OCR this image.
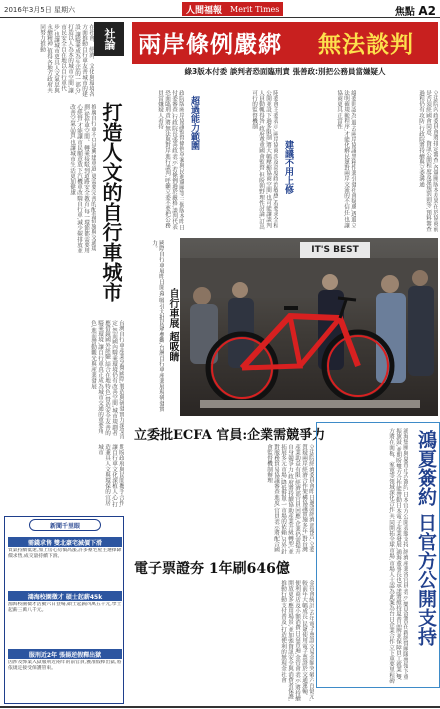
2016年3月5日 星期六	人間福報 Merit Times	焦點 A2
社論
打造人文的自行車城市
在社會、經濟、文化與環境各方面推動自行車友善城市的建設,讓騎乘成為生活的一部分,打造以人為本的城市空間,讓市民安全自在地以自行車代步,也讓城市更具人文氣息與永續精神,值得各地方政府共同努力推動
推廣自行車不只是興建車道,更需要完善的配套措施與交通規劃,從停車空間、轉乘接駁到道路安全教育,每一環節都需要用心經營,才能讓市民願意放下汽機車改騎自行車,減少碳排放並改善空氣品質,也讓城市生活更加健康
台灣自行車產業享譽國際,製造與研發實力深受肯定,然而國內騎乘環境仍有改善空間,城市規劃者應借鏡國外經驗,結合在地特色,營造安全友善的騎乘環境,讓自行車真正成為城市交通的重要角色,進而帶動觀光與產業發展
期盼政府與民間攜手合作,讓自行車文化深植人心,打造兼具人文與環保的宜居城市
新聞千里眼
需錢求售 雙北豪宅減價下滑
賈氣持續低迷,加上房心房價高漲,許多豪宅屋主選擇降價求售,成交量持續下滑。
鴻海校園徵才 碩士起薪45k
鴻海校園徵才活動六日登場,碩士起薪四萬五千元,學士起薪三萬八千元。
服刑近2年 張揚逆假釋出獄
因涉及弊案入獄服刑近兩年的前官員,獲准假釋出獄,將依規定接受保護管束。
兩岸條例嚴綁 無法談判
綠3版本付委 談判者恐面臨刑責 張善政:別把公務員當嫌疑人
政院版兩岸協議監督條例草案與民進黨團等三個版本昨日付委審查,行政院長張善政表示,若條例過於嚴格,談判代表恐面臨刑責,將無法與對岸進行談判,呼籲立委不要把公務員當嫌疑人看待	超過能力範圍	陸委會主委表示,兩岸協商涉及高度政治敏感,若要求全程公開並設下過多限制,將大幅壓縮協商空間,也可能讓談判人員動輒得咎,政府尊重國會監督,但盼朝野理性討論,訂出可行的監督機制
建議不用上修	綠委則認為,過去兩岸協議黑箱作業引發社會疑慮,透過立法明確規範程序,才能化解民眾對兩岸交流的不信任,也讓協商更具正當性	立法院內政委員會將排定審查,各黨團版本差異在於協商前是否須經國會同意、資訊公開程度及違規罰則等,預料審查過程仍有攻防,行政院將持續與立委溝通
國際自行車展昨日開幕,吸引大批民眾參觀,台灣自行車產業展現研發實力。
自行車展 超吸睛
IT'S BEST
立委批ECFA 官員:企業需競爭力
立法院經濟委員會昨日邀請經濟部報告,立委質疑兩岸經濟合作架構協議實施多年,對台灣產業助益有限,經濟部官員回應,企業仍需提升自身競爭力,政府將持續協助產業升級轉型,並拓展多元市場,降低對單一市場的依賴,另外針對服務貿易協議審查進度,官員表示將配合國會監督機制辦理
電子票證夯 1年刷646億
金管會統計,去年電子票證交易金額突破六百億元,較前年大幅成長,民眾使用電子票證於交通運輸、便利商店及小額消費日益普遍,金管會表示,將持續開放更多應用場景,並加強資訊安全與消費者保護,推動行動支付普及,打造便利的無現金社會	鴻夏簽約 日官方公開支持
鴻海集團與夏普正式簽約,日本官方公開表態支持,經濟產業省官員表示,樂見夏普在新經營團隊帶領下重振旗鼓,並期盼雙方合作能帶動日本電子產業發展,鴻海董事長也承諾將維持夏普品牌並保障員工就業,雙方將在面板、家電等領域深化合作,共同開拓全球市場,市場人士認為此案為台日企業合作立下重要里程碑
